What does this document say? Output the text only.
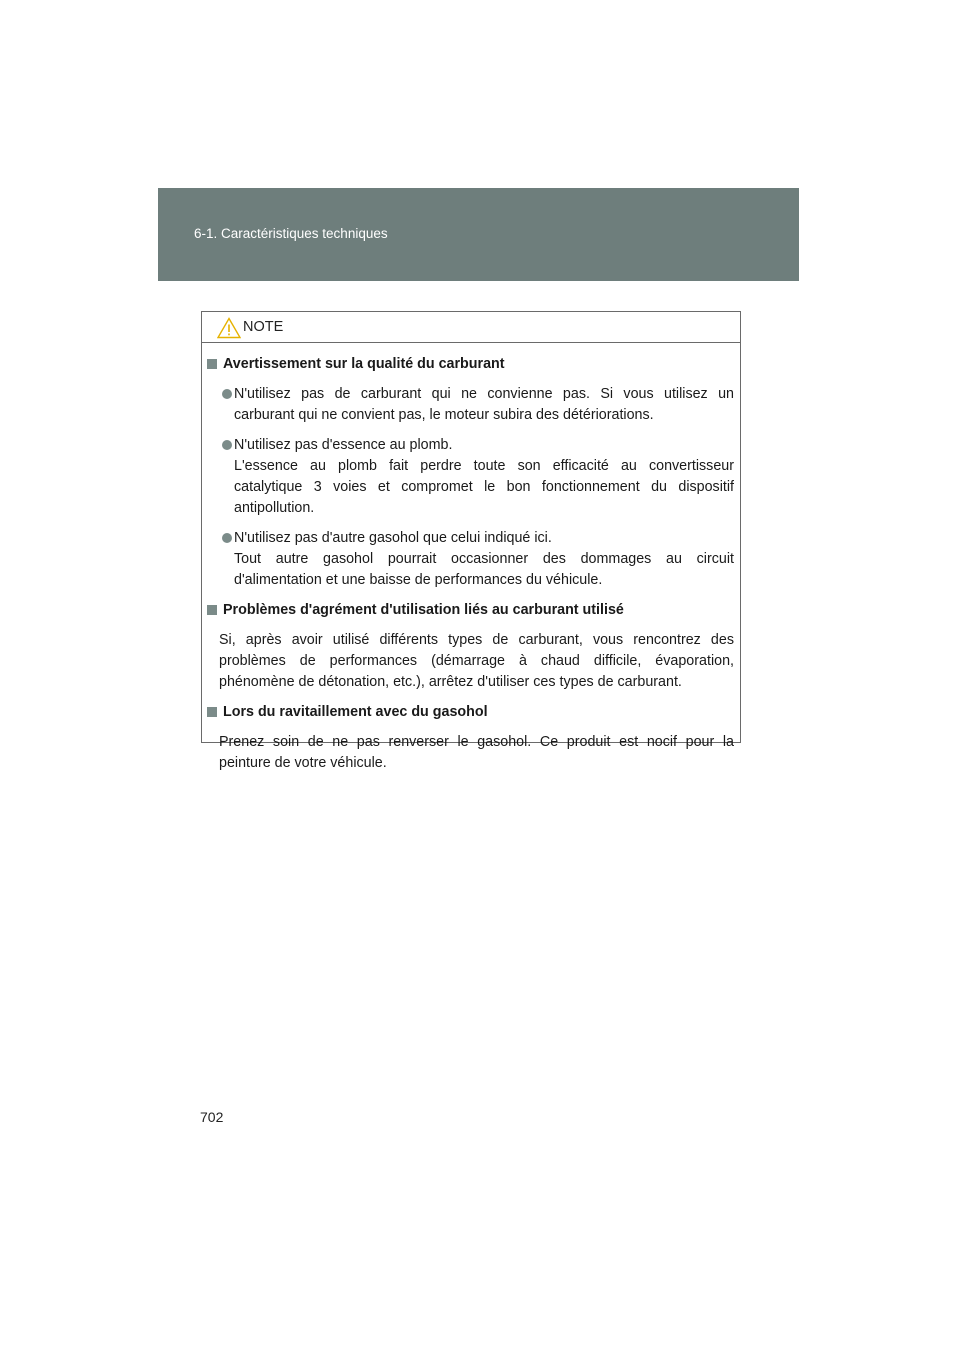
6-1. Caractéristiques techniques
NOTE
Avertissement sur la qualité du carburant
N'utilisez pas de carburant qui ne convienne pas. Si vous utilisez un
carburant qui ne convient pas, le moteur subira des détériorations.
N'utilisez pas d'essence au plomb.
L'essence au plomb fait perdre toute son efficacité au convertisseur
catalytique 3 voies et compromet le bon fonctionnement du dispositif
antipollution.
N'utilisez pas d'autre gasohol que celui indiqué ici.
Tout autre gasohol pourrait occasionner des dommages au circuit
d'alimentation et une baisse de performances du véhicule.
Problèmes d'agrément d'utilisation liés au carburant utilisé
Si, après avoir utilisé différents types de carburant, vous rencontrez des
problèmes de performances (démarrage à chaud difficile, évaporation,
phénomène de détonation, etc.), arrêtez d'utiliser ces types de carburant.
Lors du ravitaillement avec du gasohol
Prenez soin de ne pas renverser le gasohol. Ce produit est nocif pour la
peinture de votre véhicule.
702
